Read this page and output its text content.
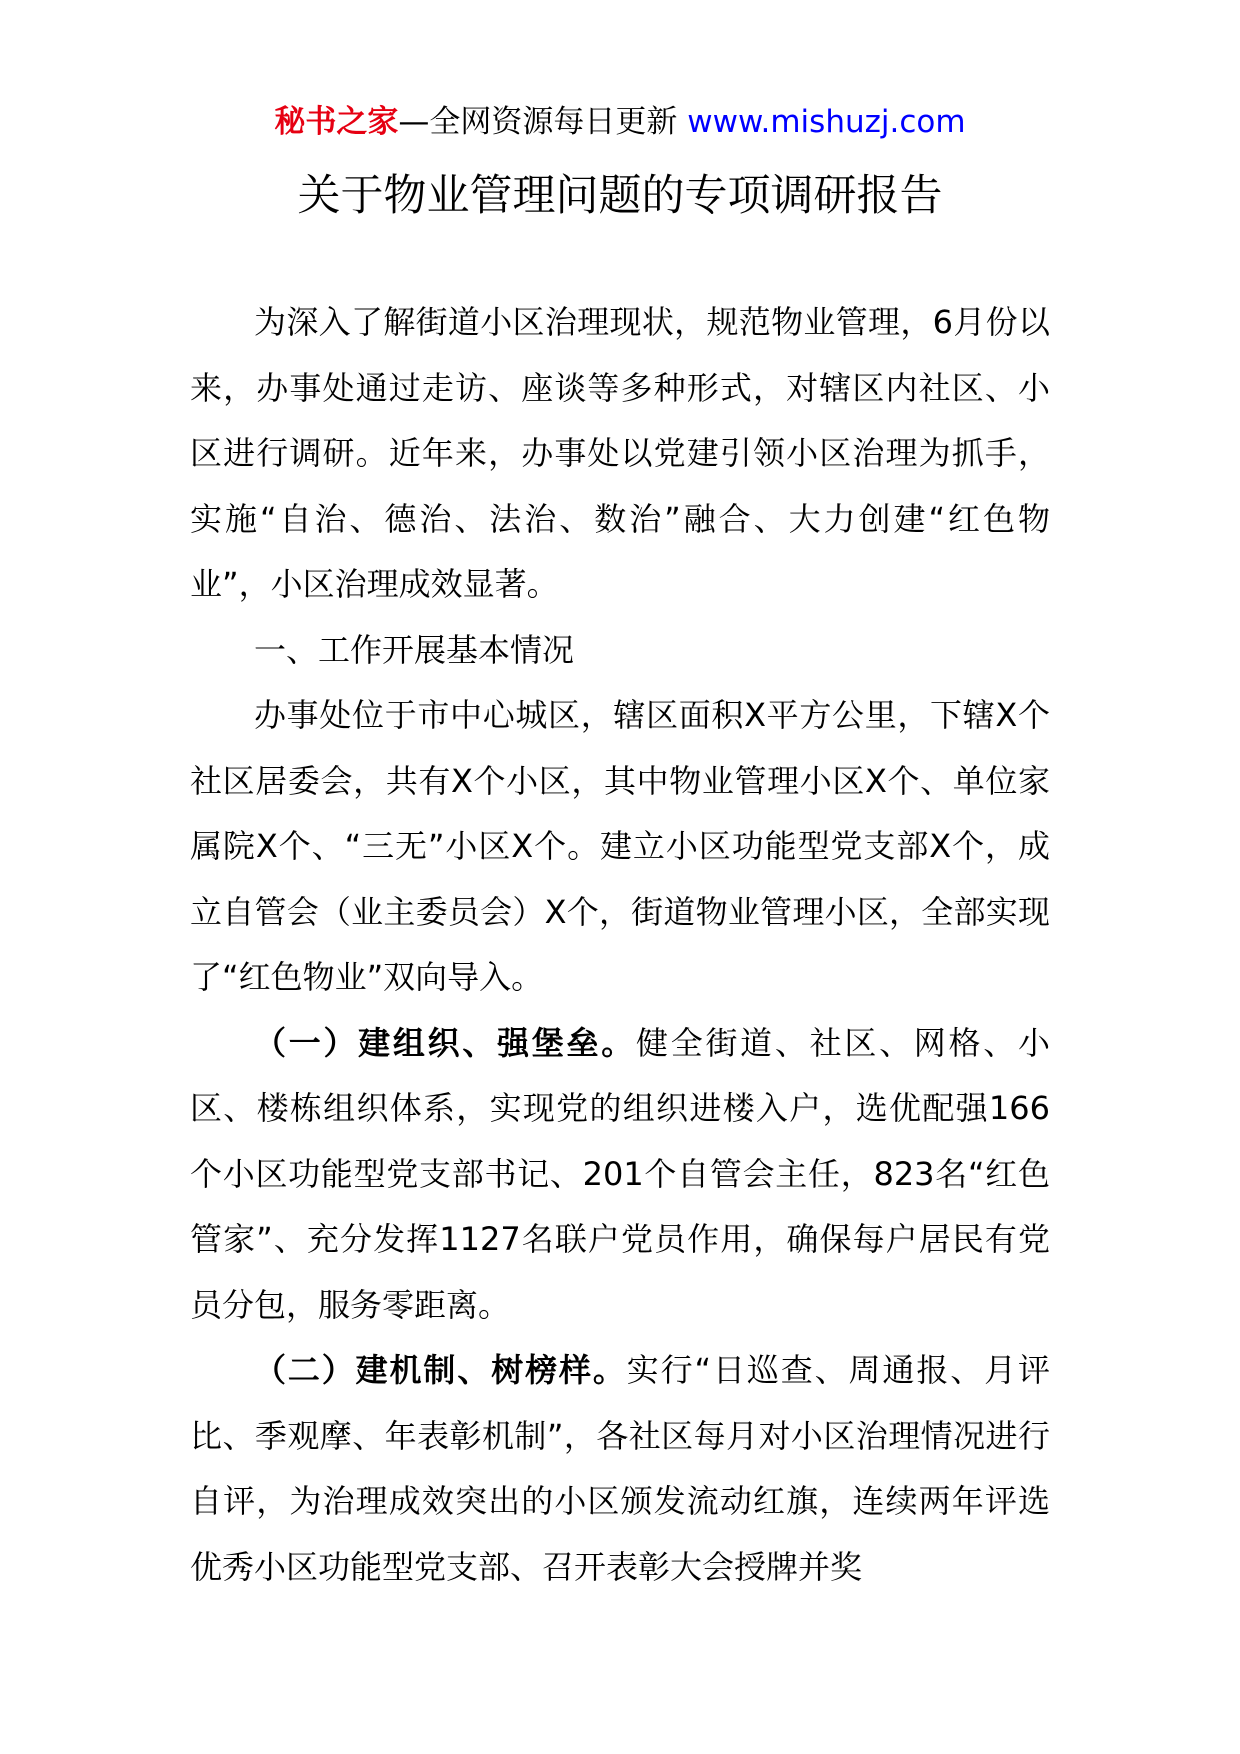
秘书之家—全网资源每日更新 www.mishuzj.com
关于物业管理问题的专项调研报告

为深入了解街道小区治理现状，规范物业管理，6月份以来，办事处通过走访、座谈等多种形式，对辖区内社区、小区进行调研。近年来，办事处以党建引领小区治理为抓手，实施“自治、德治、法治、数治”融合、大力创建“红色物业”，小区治理成效显著。

一、工作开展基本情况

办事处位于市中心城区，辖区面积X平方公里，下辖X个社区居委会，共有X个小区，其中物业管理小区X个、单位家属院X个、“三无”小区X个。建立小区功能型党支部X个，成立自管会（业主委员会）X个，街道物业管理小区，全部实现了“红色物业”双向导入。

（一）建组织、强堡垒。健全街道、社区、网格、小区、楼栋组织体系，实现党的组织进楼入户，选优配强166个小区功能型党支部书记、201个自管会主任，823名“红色管家”、充分发挥1127名联户党员作用，确保每户居民有党员分包，服务零距离。

（二）建机制、树榜样。实行“日巡查、周通报、月评比、季观摩、年表彰机制”，各社区每月对小区治理情况进行自评，为治理成效突出的小区颁发流动红旗，连续两年评选优秀小区功能型党支部、召开表彰大会授牌并奖
